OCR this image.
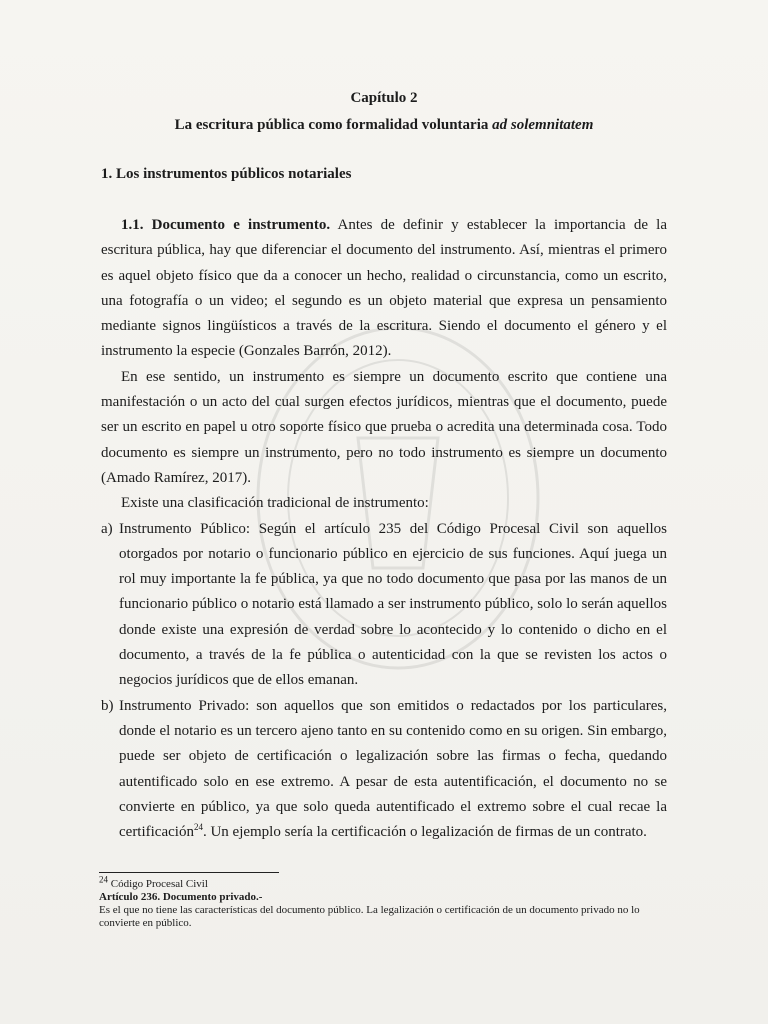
Capítulo 2
La escritura pública como formalidad voluntaria ad solemnitatem
1. Los instrumentos públicos notariales

1.1. Documento e instrumento. Antes de definir y establecer la importancia de la escritura pública, hay que diferenciar el documento del instrumento. Así, mientras el primero es aquel objeto físico que da a conocer un hecho, realidad o circunstancia, como un escrito, una fotografía o un video; el segundo es un objeto material que expresa un pensamiento mediante signos lingüísticos a través de la escritura. Siendo el documento el género y el instrumento la especie (Gonzales Barrón, 2012).

En ese sentido, un instrumento es siempre un documento escrito que contiene una manifestación o un acto del cual surgen efectos jurídicos, mientras que el documento, puede ser un escrito en papel u otro soporte físico que prueba o acredita una determinada cosa. Todo documento es siempre un instrumento, pero no todo instrumento es siempre un documento (Amado Ramírez, 2017).

Existe una clasificación tradicional de instrumento:

a) Instrumento Público: Según el artículo 235 del Código Procesal Civil son aquellos otorgados por notario o funcionario público en ejercicio de sus funciones. Aquí juega un rol muy importante la fe pública, ya que no todo documento que pasa por las manos de un funcionario público o notario está llamado a ser instrumento público, solo lo serán aquellos donde existe una expresión de verdad sobre lo acontecido y lo contenido o dicho en el documento, a través de la fe pública o autenticidad con la que se revisten los actos o negocios jurídicos que de ellos emanan.
b) Instrumento Privado: son aquellos que son emitidos o redactados por los particulares, donde el notario es un tercero ajeno tanto en su contenido como en su origen. Sin embargo, puede ser objeto de certificación o legalización sobre las firmas o fecha, quedando autentificado solo en ese extremo. A pesar de esta autentificación, el documento no se convierte en público, ya que solo queda autentificado el extremo sobre el cual recae la certificación$^{24}$. Un ejemplo sería la certificación o legalización de firmas de un contrato.

$^{24}$ Código Procesal Civil

Artículo 236. Documento privado.-

Es el que no tiene las características del documento público. La legalización o certificación de un documento privado no lo convierte en público.
